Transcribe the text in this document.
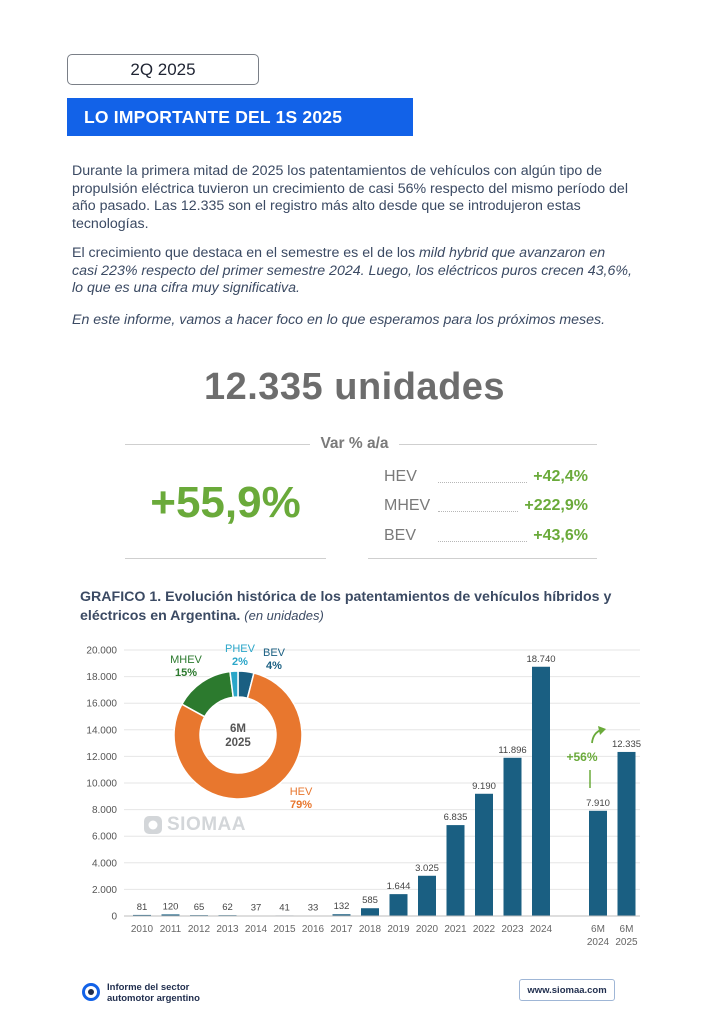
2Q 2025
LO IMPORTANTE DEL 1S 2025

Durante la primera mitad de 2025 los patentamientos de vehículos con algún tipo de propulsión eléctrica tuvieron un crecimiento de casi 56% respecto del mismo período del año pasado. Las 12.335 son el registro más alto desde que se introdujeron estas tecnologías.

El crecimiento que destaca en el semestre es el de los mild hybrid que avanzaron en casi 223% respecto del primer semestre 2024. Luego, los eléctricos puros crecen 43,6%, lo que es una cifra muy significativa.

En este informe, vamos a hacer foco en lo que esperamos para los próximos meses.

12.335 unidades
Var % a/a
+55,9%
HEV	+42,4%
MHEV	+222,9%
BEV	+43,6%
GRAFICO 1. Evolución histórica de los patentamientos de vehículos híbridos y eléctricos en Argentina. (en unidades)
0
2.000
4.000
6.000
8.000
10.000
12.000
14.000
16.000
18.000
20.000
81
2010
120
2011
65
2012
62
2013
37
2014
41
2015
33
2016
132
2017
585
2018
1.644
2019
3.025
2020
6.835
2021
9.190
2022
11.896
2023
18.740
2024
7.910
6M
2024
12.335
6M
2025
+56%
6M
2025
HEV
79%
MHEV
15%
PHEV
2%
BEV
4%
SIOMAA
Informe del sector
automotor argentino
www.siomaa.com
